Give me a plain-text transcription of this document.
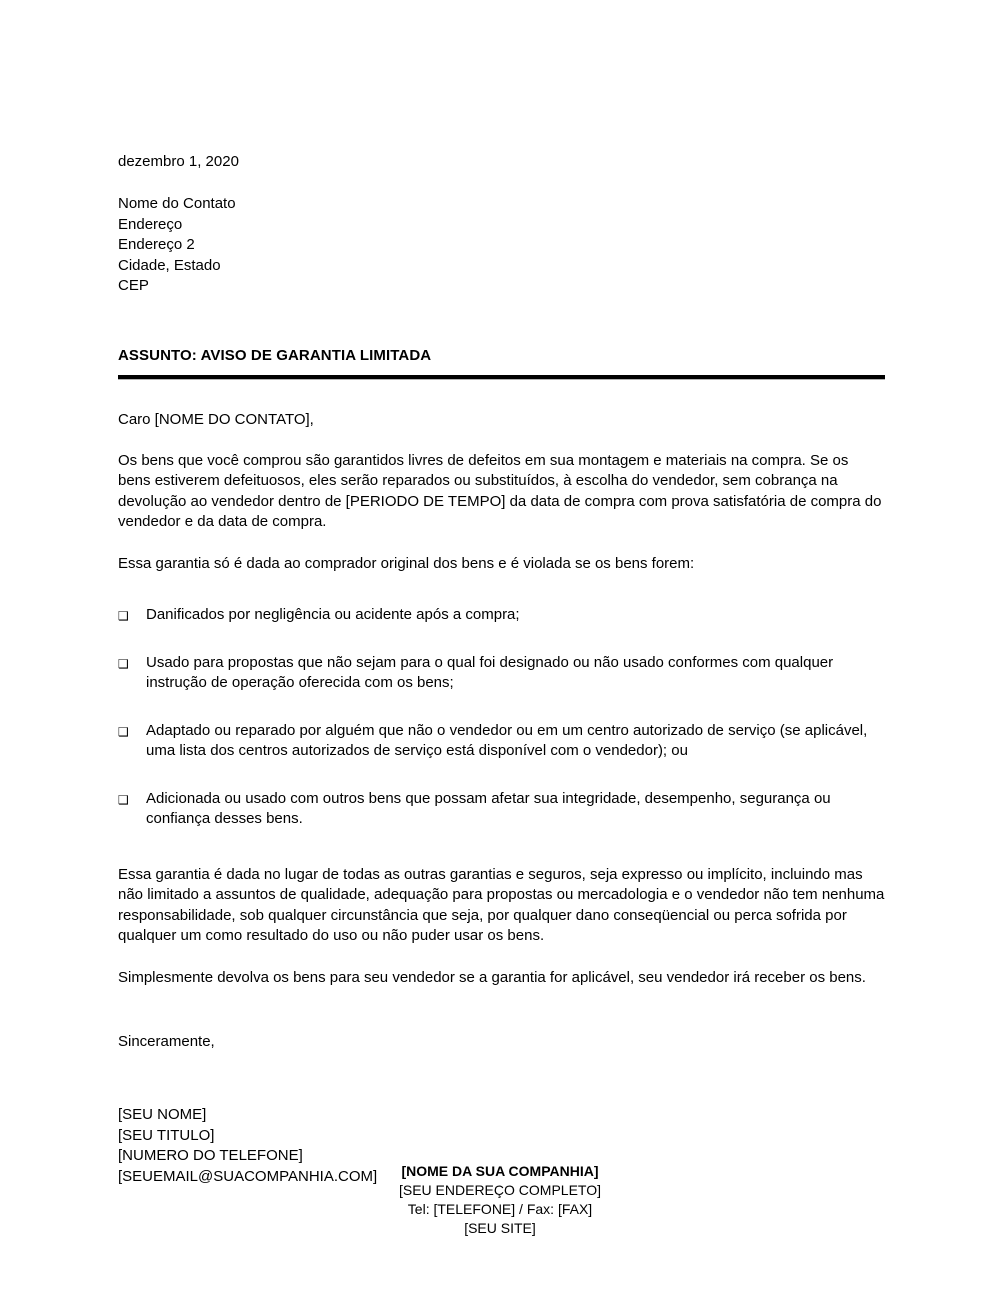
dezembro 1, 2020
Nome do Contato
Endereço
Endereço 2
Cidade, Estado
CEP
ASSUNTO: AVISO DE GARANTIA LIMITADA
Caro [NOME DO CONTATO],

Os bens que você comprou são garantidos livres de defeitos em sua montagem e materiais na compra. Se os bens estiverem defeituosos, eles serão reparados ou substituídos, à escolha do vendedor, sem cobrança na devolução ao vendedor dentro de [PERIODO DE TEMPO] da data de compra com prova satisfatória de compra do vendedor e da data de compra.

Essa garantia só é dada ao comprador original dos bens e é violada se os bens forem:

❑ Danificados por negligência ou acidente após a compra;
❑ Usado para propostas que não sejam para o qual foi designado ou não usado conformes com qualquer instrução de operação oferecida com os bens;
❑ Adaptado ou reparado por alguém que não o vendedor ou em um centro autorizado de serviço (se aplicável, uma lista dos centros autorizados de serviço está disponível com o vendedor); ou
❑ Adicionada ou usado com outros bens que possam afetar sua integridade, desempenho, segurança ou confiança desses bens.

Essa garantia é dada no lugar de todas as outras garantias e seguros, seja expresso ou implícito, incluindo mas não limitado a assuntos de qualidade, adequação para propostas ou mercadologia e o vendedor não tem nenhuma responsabilidade, sob qualquer circunstância que seja, por qualquer dano conseqüencial ou perca sofrida por qualquer um como resultado do uso ou não puder usar os bens.

Simplesmente devolva os bens para seu vendedor se a garantia for aplicável, seu vendedor irá receber os bens.

Sinceramente,
[SEU NOME]
[SEU TITULO]
[NUMERO DO TELEFONE]
[SEUEMAIL@SUACOMPANHIA.COM]	[NOME DA SUA COMPANHIA]
[SEU ENDEREÇO COMPLETO]
Tel: [TELEFONE] / Fax: [FAX]
[SEU SITE]
